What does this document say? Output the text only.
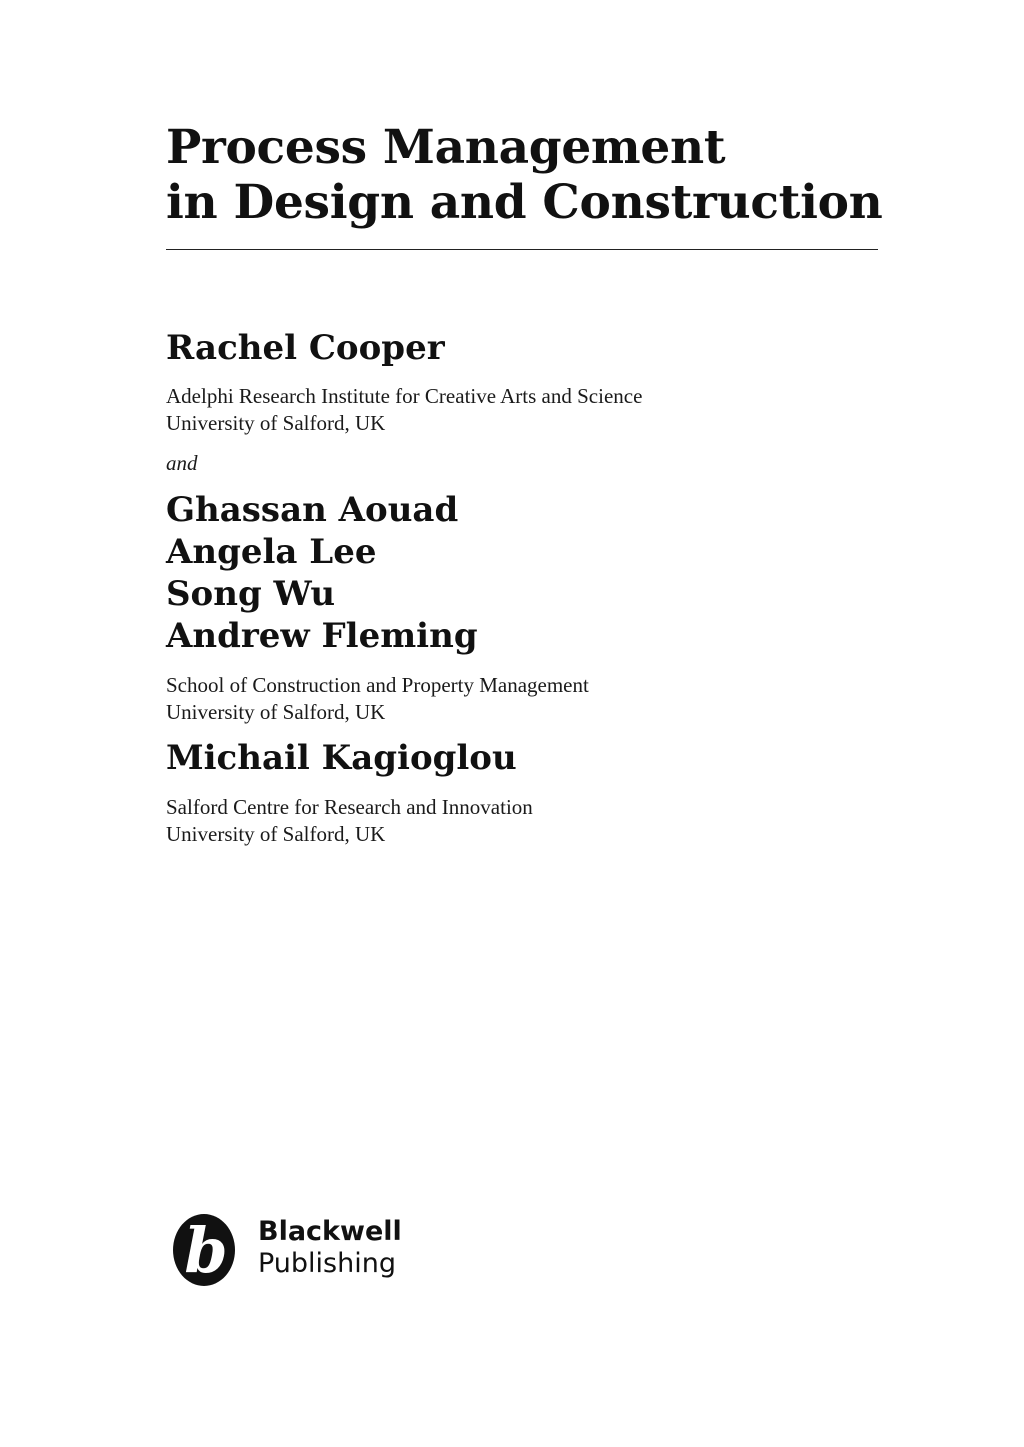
Process Management
in Design and Construction
Rachel Cooper
Adelphi Research Institute for Creative Arts and Science
University of Salford, UK
and
Ghassan Aouad
Angela Lee
Song Wu
Andrew Fleming
School of Construction and Property Management
University of Salford, UK
Michail Kagioglou
Salford Centre for Research and Innovation
University of Salford, UK
b Blackwell
Publishing
